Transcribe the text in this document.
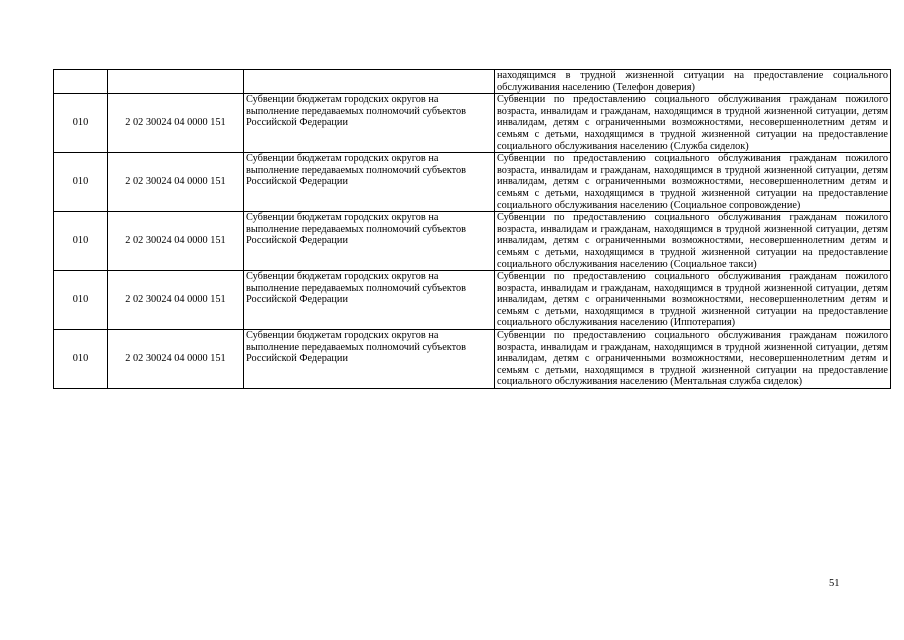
			находящимся в трудной жизненной ситуации на предоставление социального обслуживания населению (Телефон доверия)
010	2 02 30024 04 0000 151	Субвенции бюджетам городских округов на выполнение передаваемых полномочий субъектов Российской Федерации	Субвенции по предоставлению социального обслуживания гражданам пожилого возраста, инвалидам и гражданам, находящимся в трудной жизненной ситуации, детям инвалидам, детям с ограниченными возможностями, несовершеннолетним детям и семьям с детьми, находящимся в трудной жизненной ситуации на предоставление социального обслуживания населению (Служба сиделок)
010	2 02 30024 04 0000 151	Субвенции бюджетам городских округов на выполнение передаваемых полномочий субъектов Российской Федерации	Субвенции по предоставлению социального обслуживания гражданам пожилого возраста, инвалидам и гражданам, находящимся в трудной жизненной ситуации, детям инвалидам, детям с ограниченными возможностями, несовершеннолетним детям и семьям с детьми, находящимся в трудной жизненной ситуации на предоставление социального обслуживания населению (Социальное сопровождение)
010	2 02 30024 04 0000 151	Субвенции бюджетам городских округов на выполнение передаваемых полномочий субъектов Российской Федерации	Субвенции по предоставлению социального обслуживания гражданам пожилого возраста, инвалидам и гражданам, находящимся в трудной жизненной ситуации, детям инвалидам, детям с ограниченными возможностями, несовершеннолетним детям и семьям с детьми, находящимся в трудной жизненной ситуации на предоставление социального обслуживания населению (Социальное такси)
010	2 02 30024 04 0000 151	Субвенции бюджетам городских округов на выполнение передаваемых полномочий субъектов Российской Федерации	Субвенции по предоставлению социального обслуживания гражданам пожилого возраста, инвалидам и гражданам, находящимся в трудной жизненной ситуации, детям инвалидам, детям с ограниченными возможностями, несовершеннолетним детям и семьям с детьми, находящимся в трудной жизненной ситуации на предоставление социального обслуживания населению (Иппотерапия)
010	2 02 30024 04 0000 151	Субвенции бюджетам городских округов на выполнение передаваемых полномочий субъектов Российской Федерации	Субвенции по предоставлению социального обслуживания гражданам пожилого возраста, инвалидам и гражданам, находящимся в трудной жизненной ситуации, детям инвалидам, детям с ограниченными возможностями, несовершеннолетним детям и семьям с детьми, находящимся в трудной жизненной ситуации на предоставление социального обслуживания населению (Ментальная служба сиделок)
51
